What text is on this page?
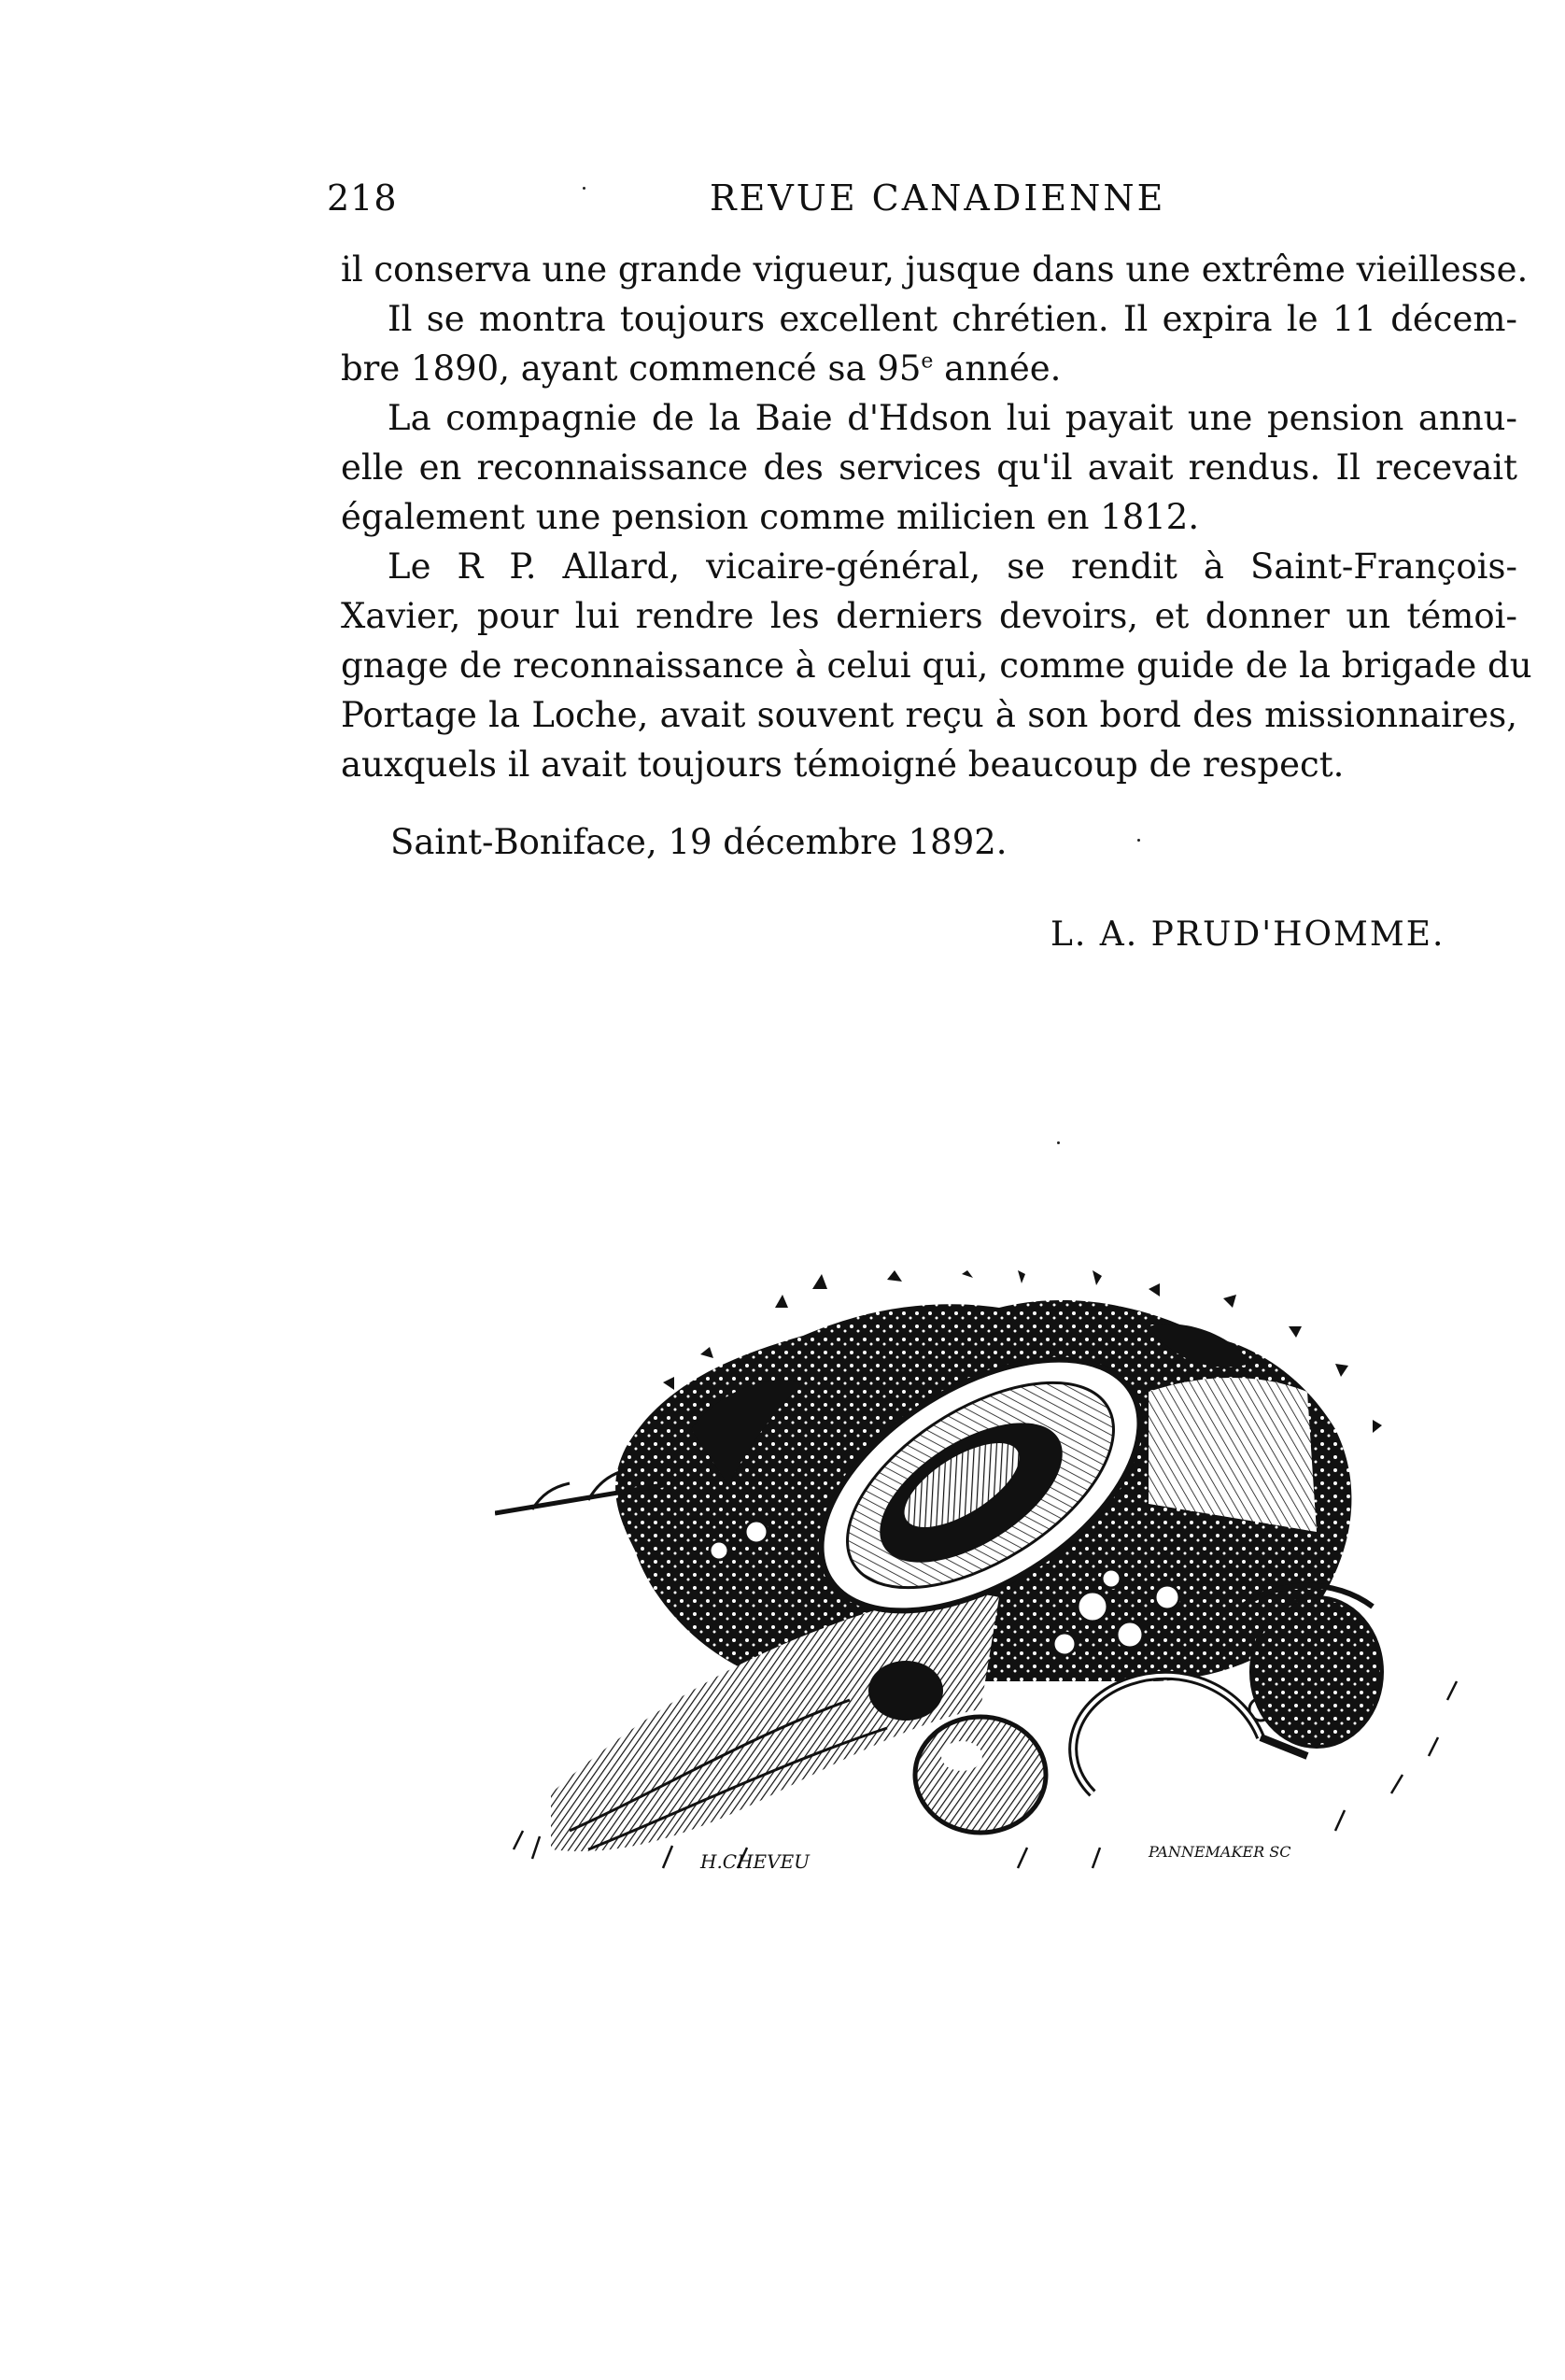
218	REVUE CANADIENNE
il conserva une grande vigueur, jusque dans une extrême vieillesse.
Il se montra toujours excellent chrétien. Il expira le 11 décem-
bre 1890, ayant commencé sa 95e année.
La compagnie de la Baie d'Hdson lui payait une pension annu-
elle en reconnaissance des services qu'il avait rendus. Il recevait
également une pension comme milicien en 1812.
Le R P. Allard, vicaire-général, se rendit à Saint-François-
Xavier, pour lui rendre les derniers devoirs, et donner un témoi-
gnage de reconnaissance à celui qui, comme guide de la brigade du
Portage la Loche, avait souvent reçu à son bord des missionnaires,
auxquels il avait toujours témoigné beaucoup de respect.
Saint-Boniface, 19 décembre 1892.
L. A. PRUD'HOMME.
H.CHEVEU	PANNEMAKER SC
